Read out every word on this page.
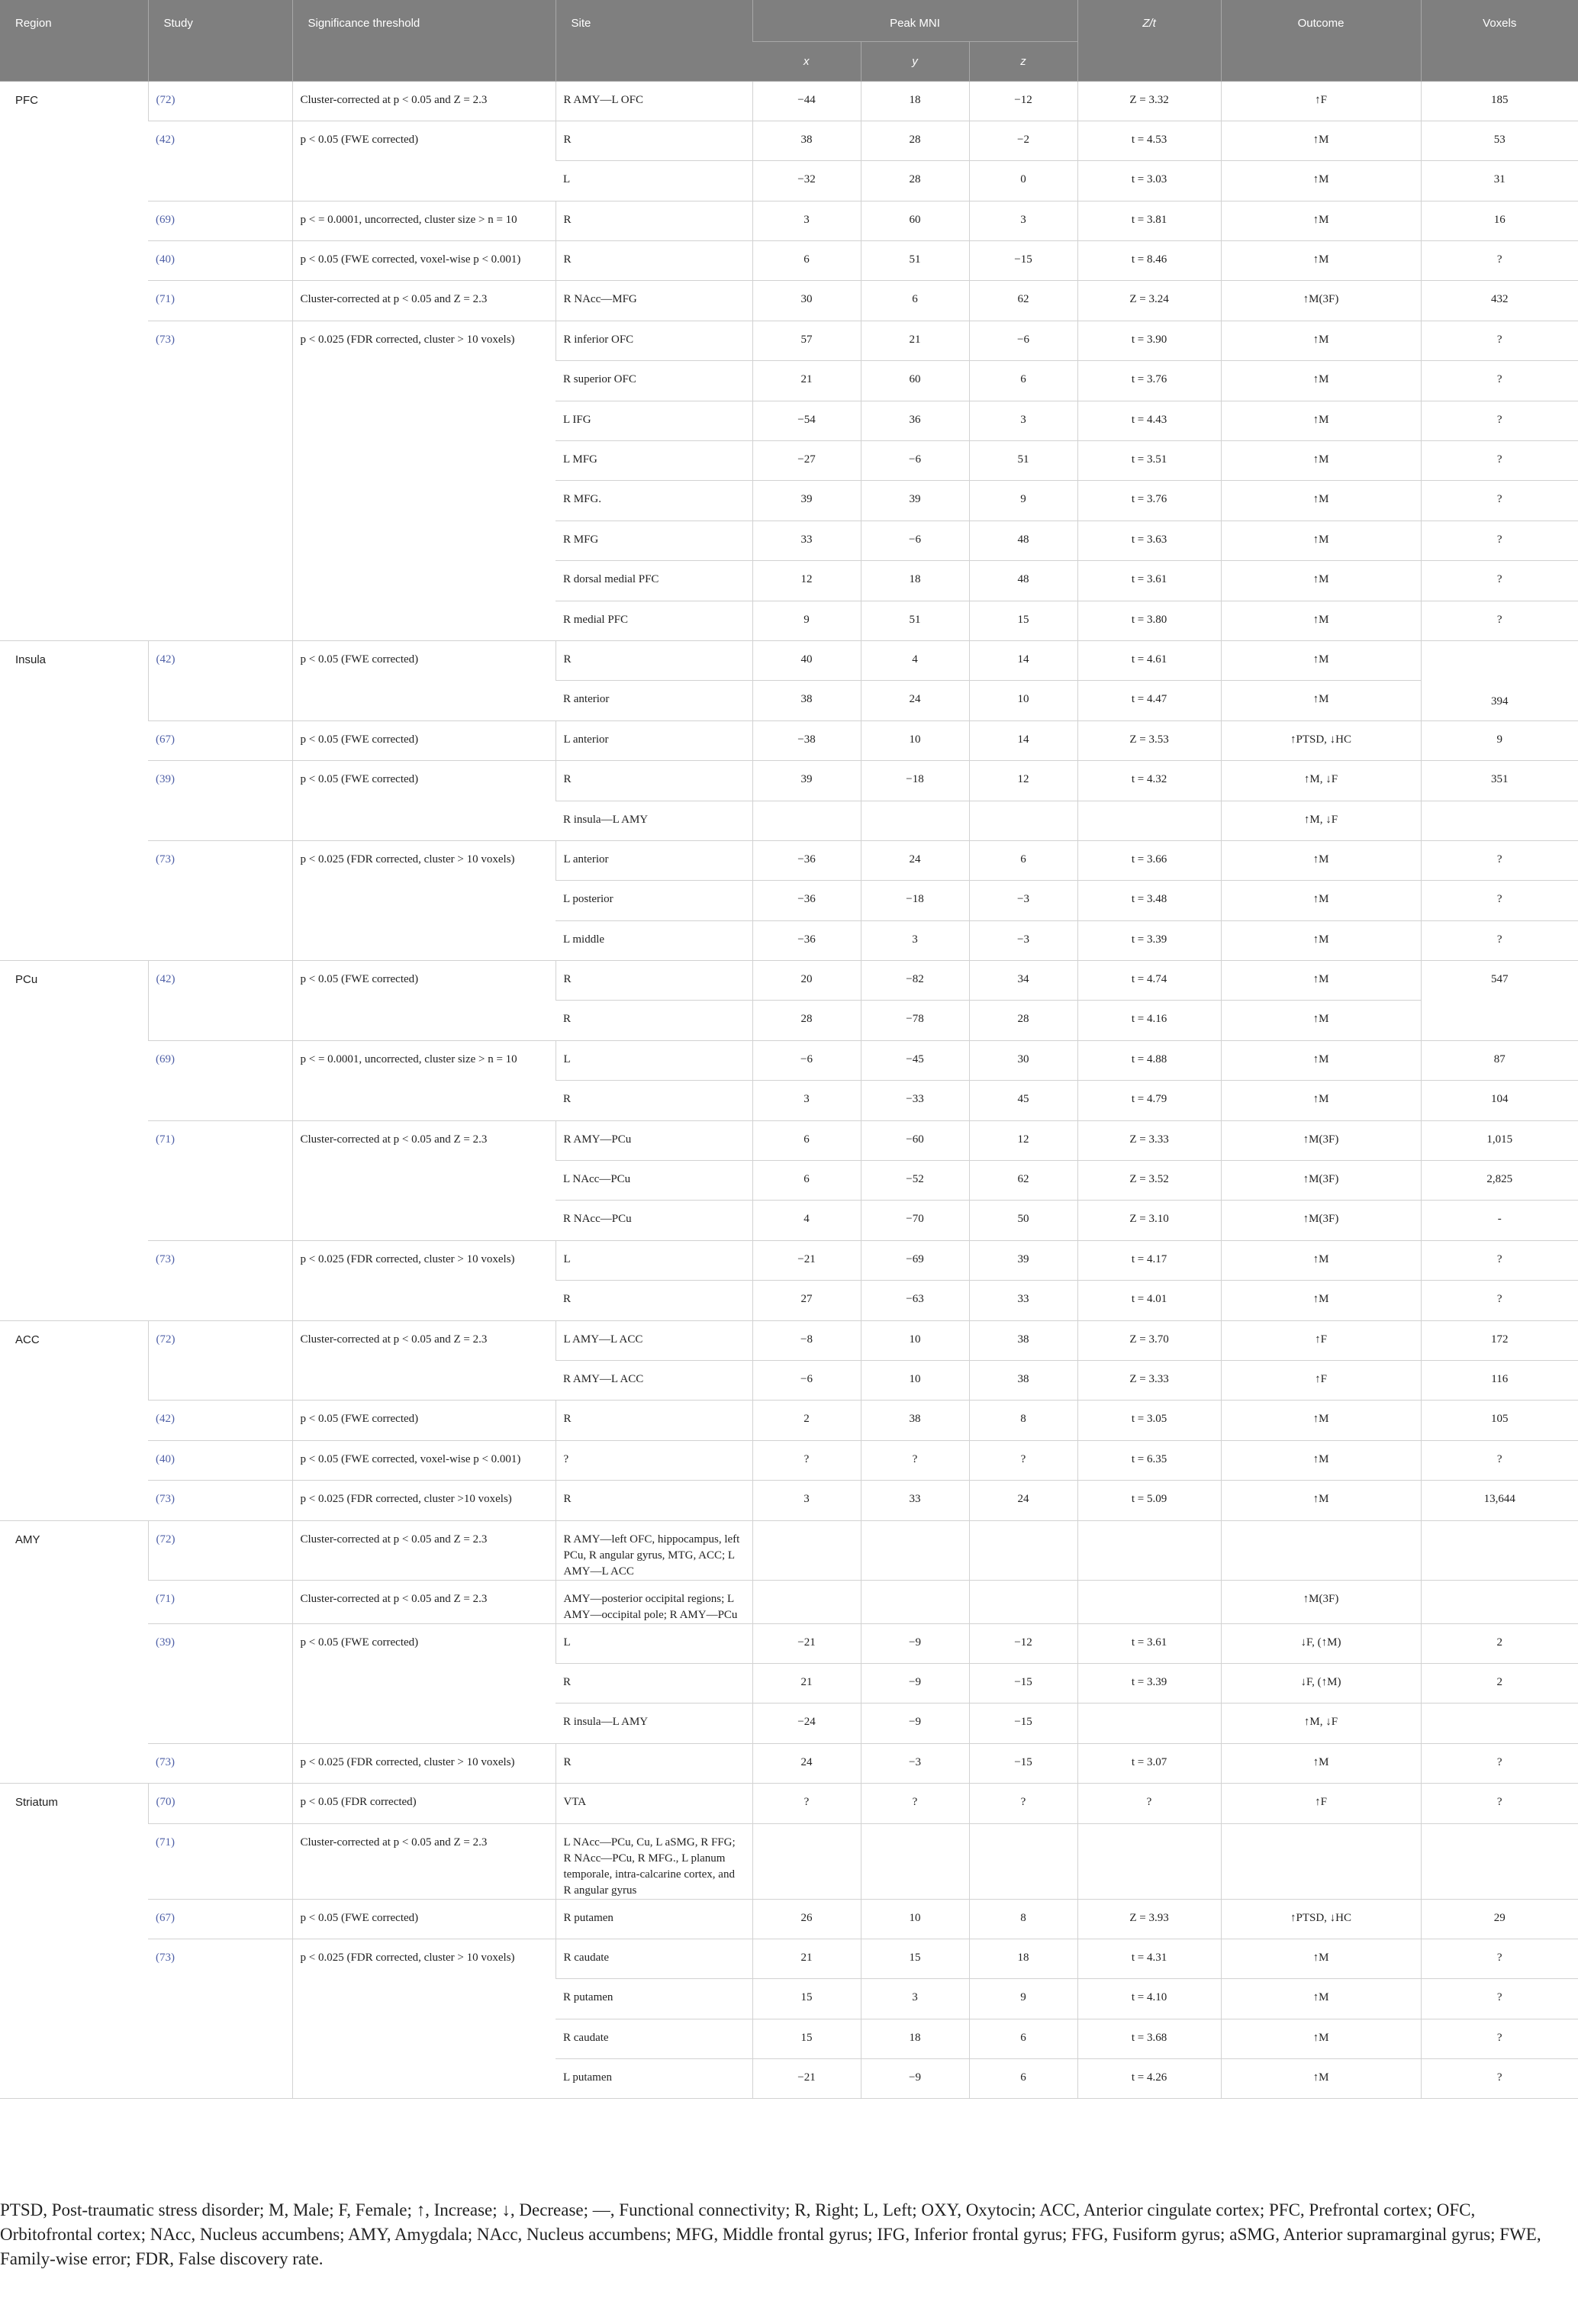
Region	Study	Significance threshold	Site	Peak MNI			Z/t	Outcome	Voxels
				x	y	z			
PFC	(72)	Cluster-corrected at p < 0.05 and Z = 2.3	R AMY—L OFC	−44	18	−12	Z = 3.32	↑F	185
	(42)	p < 0.05 (FWE corrected)	R	38	28	−2	t = 4.53	↑M	53
			L	−32	28	0	t = 3.03	↑M	31
	(69)	p < = 0.0001, uncorrected, cluster size > n = 10	R	3	60	3	t = 3.81	↑M	16
	(40)	p < 0.05 (FWE corrected, voxel-wise p < 0.001)	R	6	51	−15	t = 8.46	↑M	?
	(71)	Cluster-corrected at p < 0.05 and Z = 2.3	R NAcc—MFG	30	6	62	Z = 3.24	↑M(3F)	432
	(73)	p < 0.025 (FDR corrected, cluster > 10 voxels)	R inferior OFC	57	21	−6	t = 3.90	↑M	?
			R superior OFC	21	60	6	t = 3.76	↑M	?
			L IFG	−54	36	3	t = 4.43	↑M	?
			L MFG	−27	−6	51	t = 3.51	↑M	?
			R MFG.	39	39	9	t = 3.76	↑M	?
			R MFG	33	−6	48	t = 3.63	↑M	?
			R dorsal medial PFC	12	18	48	t = 3.61	↑M	?
			R medial PFC	9	51	15	t = 3.80	↑M	?
Insula	(42)	p < 0.05 (FWE corrected)	R	40	4	14	t = 4.61	↑M	394
			R anterior	38	24	10	t = 4.47	↑M	
	(67)	p < 0.05 (FWE corrected)	L anterior	−38	10	14	Z = 3.53	↑PTSD, ↓HC	9
	(39)	p < 0.05 (FWE corrected)	R	39	−18	12	t = 4.32	↑M, ↓F	351
			R insula—L AMY					↑M, ↓F	
	(73)	p < 0.025 (FDR corrected, cluster > 10 voxels)	L anterior	−36	24	6	t = 3.66	↑M	?
			L posterior	−36	−18	−3	t = 3.48	↑M	?
			L middle	−36	3	−3	t = 3.39	↑M	?
PCu	(42)	p < 0.05 (FWE corrected)	R	20	−82	34	t = 4.74	↑M	547
			R	28	−78	28	t = 4.16	↑M	
	(69)	p < = 0.0001, uncorrected, cluster size > n = 10	L	−6	−45	30	t = 4.88	↑M	87
			R	3	−33	45	t = 4.79	↑M	104
	(71)	Cluster-corrected at p < 0.05 and Z = 2.3	R AMY—PCu	6	−60	12	Z = 3.33	↑M(3F)	1,015
			L NAcc—PCu	6	−52	62	Z = 3.52	↑M(3F)	2,825
			R NAcc—PCu	4	−70	50	Z = 3.10	↑M(3F)	-
	(73)	p < 0.025 (FDR corrected, cluster > 10 voxels)	L	−21	−69	39	t = 4.17	↑M	?
			R	27	−63	33	t = 4.01	↑M	?
ACC	(72)	Cluster-corrected at p < 0.05 and Z = 2.3	L AMY—L ACC	−8	10	38	Z = 3.70	↑F	172
			R AMY—L ACC	−6	10	38	Z = 3.33	↑F	116
	(42)	p < 0.05 (FWE corrected)	R	2	38	8	t = 3.05	↑M	105
	(40)	p < 0.05 (FWE corrected, voxel-wise p < 0.001)	?	?	?	?	t = 6.35	↑M	?
	(73)	p < 0.025 (FDR corrected, cluster >10 voxels)	R	3	33	24	t = 5.09	↑M	13,644
AMY	(72)	Cluster-corrected at p < 0.05 and Z = 2.3	R AMY—left OFC, hippocampus, left PCu, R angular gyrus, MTG, ACC; L AMY—L ACC						
	(71)	Cluster-corrected at p < 0.05 and Z = 2.3	AMY—posterior occipital regions; L AMY—occipital pole; R AMY—PCu					↑M(3F)	
	(39)	p < 0.05 (FWE corrected)	L	−21	−9	−12	t = 3.61	↓F, (↑M)	2
			R	21	−9	−15	t = 3.39	↓F, (↑M)	2
			R insula—L AMY	−24	−9	−15		↑M, ↓F	
	(73)	p < 0.025 (FDR corrected, cluster > 10 voxels)	R	24	−3	−15	t = 3.07	↑M	?
Striatum	(70)	p < 0.05 (FDR corrected)	VTA	?	?	?	?	↑F	?
	(71)	Cluster-corrected at p < 0.05 and Z = 2.3	L NAcc—PCu, Cu, L aSMG, R FFG; R NAcc—PCu, R MFG., L planum temporale, intra-calcarine cortex, and R angular gyrus						
	(67)	p < 0.05 (FWE corrected)	R putamen	26	10	8	Z = 3.93	↑PTSD, ↓HC	29
	(73)	p < 0.025 (FDR corrected, cluster > 10 voxels)	R caudate	21	15	18	t = 4.31	↑M	?
			R putamen	15	3	9	t = 4.10	↑M	?
			R caudate	15	18	6	t = 3.68	↑M	?
			L putamen	−21	−9	6	t = 4.26	↑M	?
PTSD, Post-traumatic stress disorder; M, Male; F, Female; ↑, Increase; ↓, Decrease; —, Functional connectivity; R, Right; L, Left; OXY, Oxytocin; ACC, Anterior cingulate cortex; PFC, Prefrontal cortex; OFC, Orbitofrontal cortex; NAcc, Nucleus accumbens; AMY, Amygdala; NAcc, Nucleus accumbens; MFG, Middle frontal gyrus; IFG, Inferior frontal gyrus; FFG, Fusiform gyrus; aSMG, Anterior supramarginal gyrus; FWE, Family-wise error; FDR, False discovery rate.
